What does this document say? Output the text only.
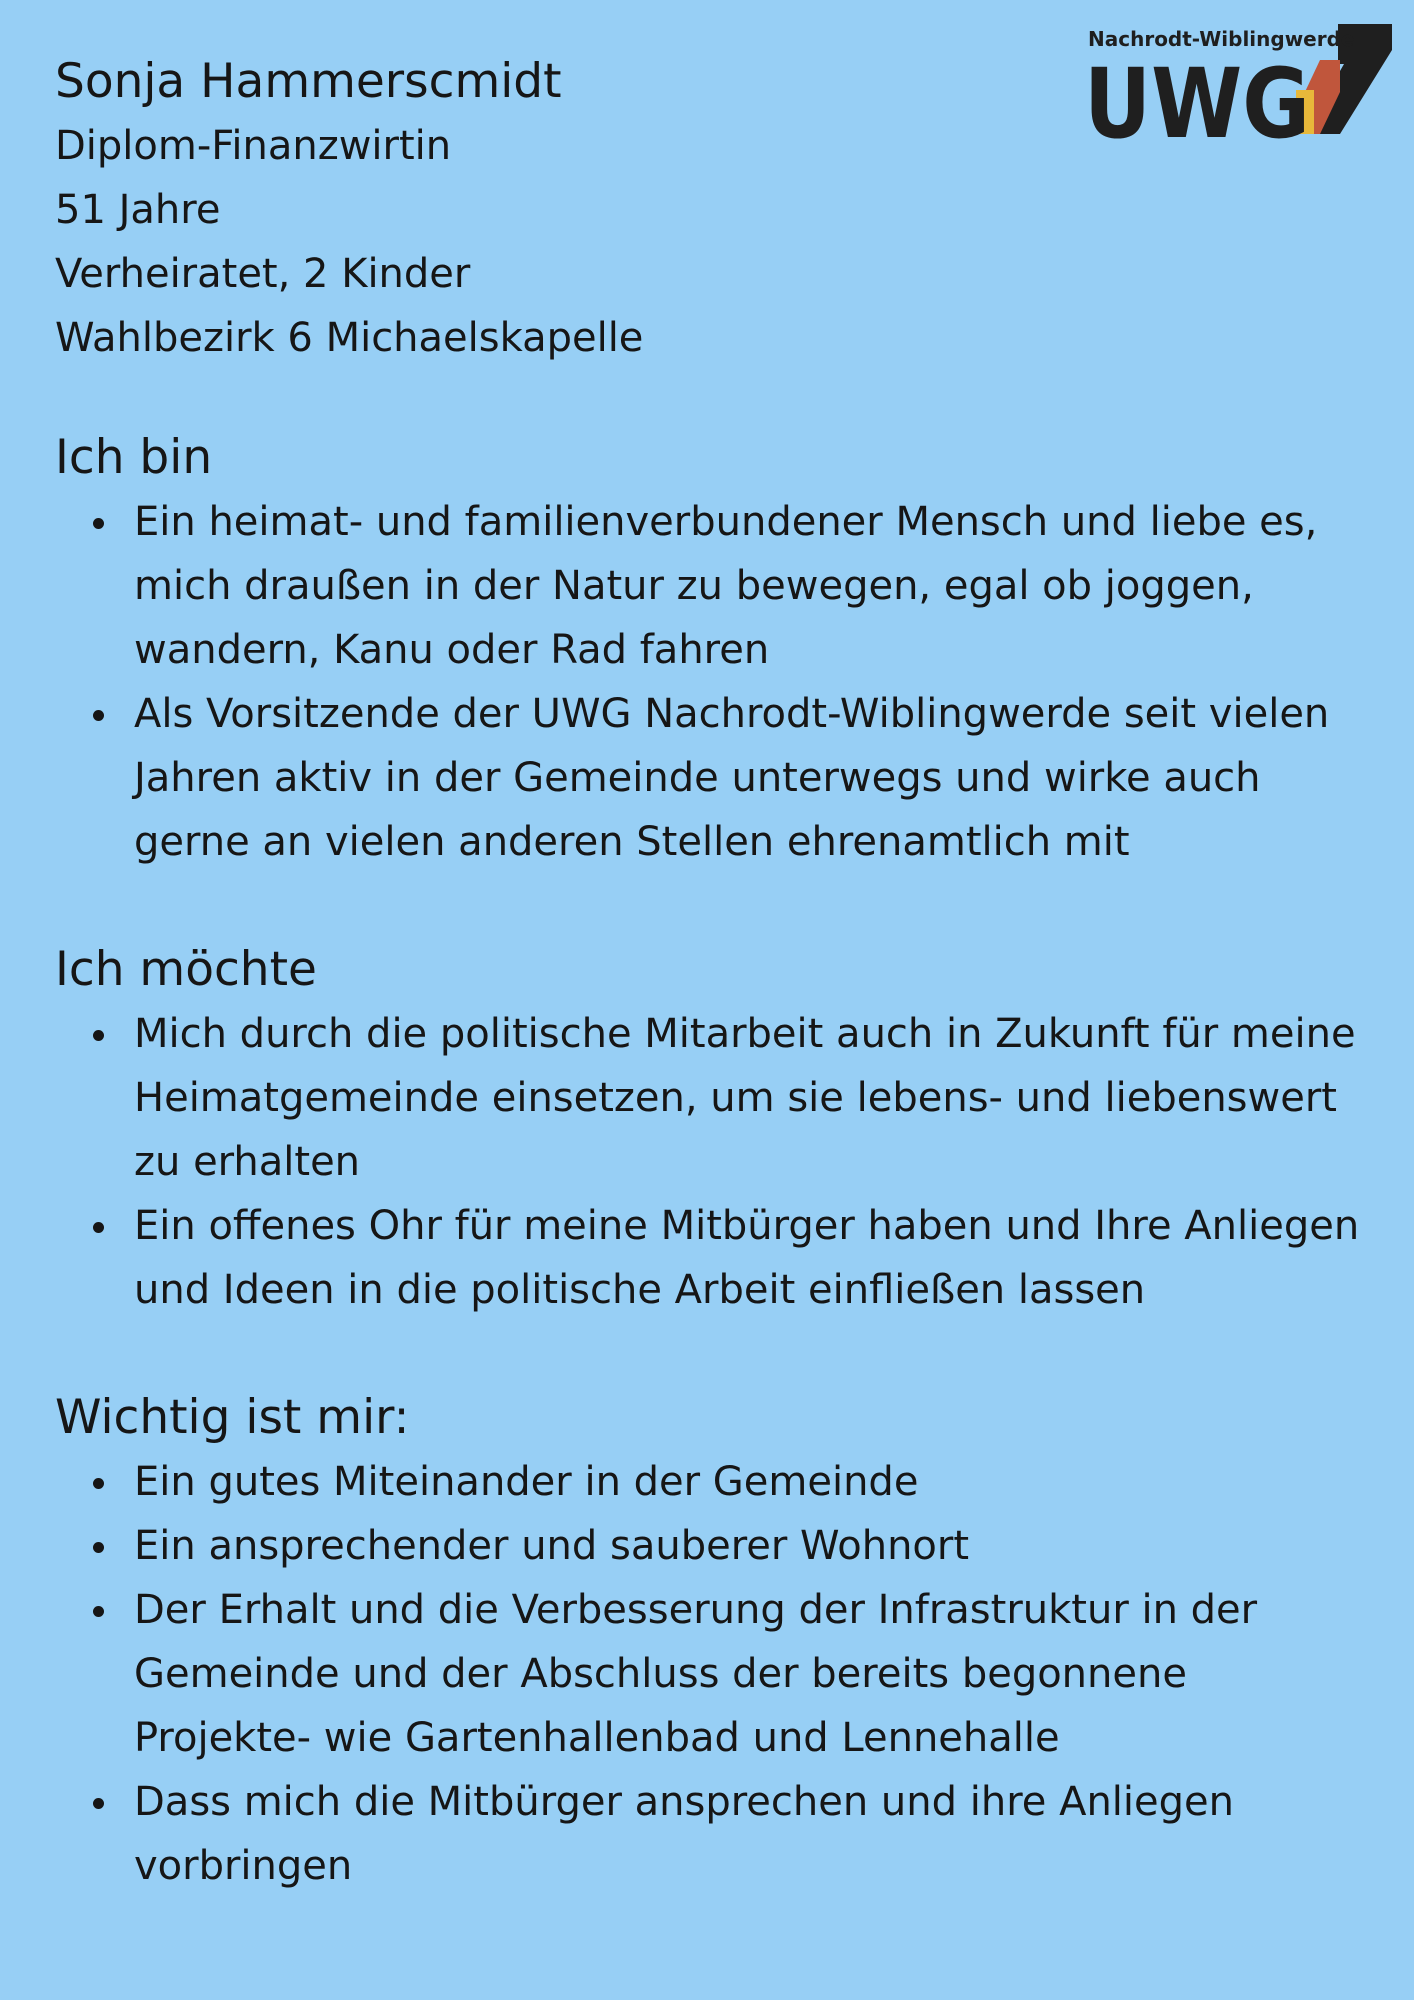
Nachrodt-Wiblingwerde
UWG
Sonja Hammerscmidt

Diplom-Finanzwirtin

51 Jahre

Verheiratet, 2 Kinder

Wahlbezirk 6 Michaelskapelle

Ich bin
Ein heimat- und familienverbundener Mensch und liebe es, mich draußen in der Natur zu bewegen, egal ob joggen, wandern, Kanu oder Rad fahren
Als Vorsitzende der UWG Nachrodt-Wiblingwerde seit vielen Jahren aktiv in der Gemeinde unterwegs und wirke auch gerne an vielen anderen Stellen ehrenamtlich mit
Ich möchte
Mich durch die politische Mitarbeit auch in Zukunft für meine Heimatgemeinde einsetzen, um sie lebens- und liebenswert zu erhalten
Ein offenes Ohr für meine Mitbürger haben und Ihre Anliegen und Ideen in die politische Arbeit einfließen lassen
Wichtig ist mir:
Ein gutes Miteinander in der Gemeinde
Ein ansprechender und sauberer Wohnort
Der Erhalt und die Verbesserung der Infrastruktur in der Gemeinde und der Abschluss der bereits begonnene Projekte- wie Gartenhallenbad und Lennehalle
Dass mich die Mitbürger ansprechen und ihre Anliegen vorbringen
